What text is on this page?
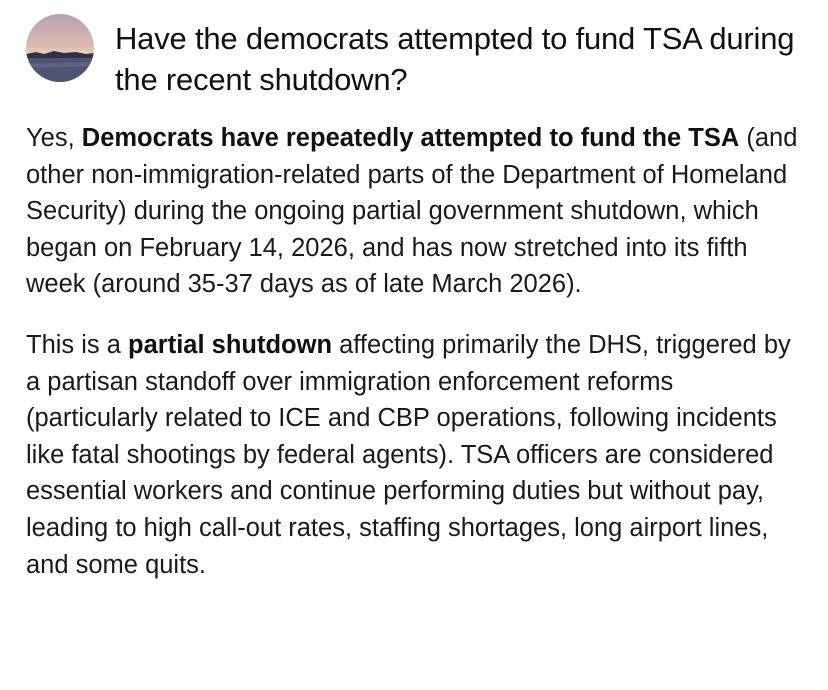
Have the democrats attempted to fund TSA during the recent shutdown?

Yes, Democrats have repeatedly attempted to fund the TSA (and other non-immigration-related parts of the Department of Homeland Security) during the ongoing partial government shutdown, which began on February 14, 2026, and has now stretched into its fifth week (around 35-37 days as of late March 2026).

This is a partial shutdown affecting primarily the DHS, triggered by a partisan standoff over immigration enforcement reforms (particularly related to ICE and CBP operations, following incidents like fatal shootings by federal agents). TSA officers are considered essential workers and continue performing duties but without pay, leading to high call-out rates, staffing shortages, long airport lines, and some quits.
